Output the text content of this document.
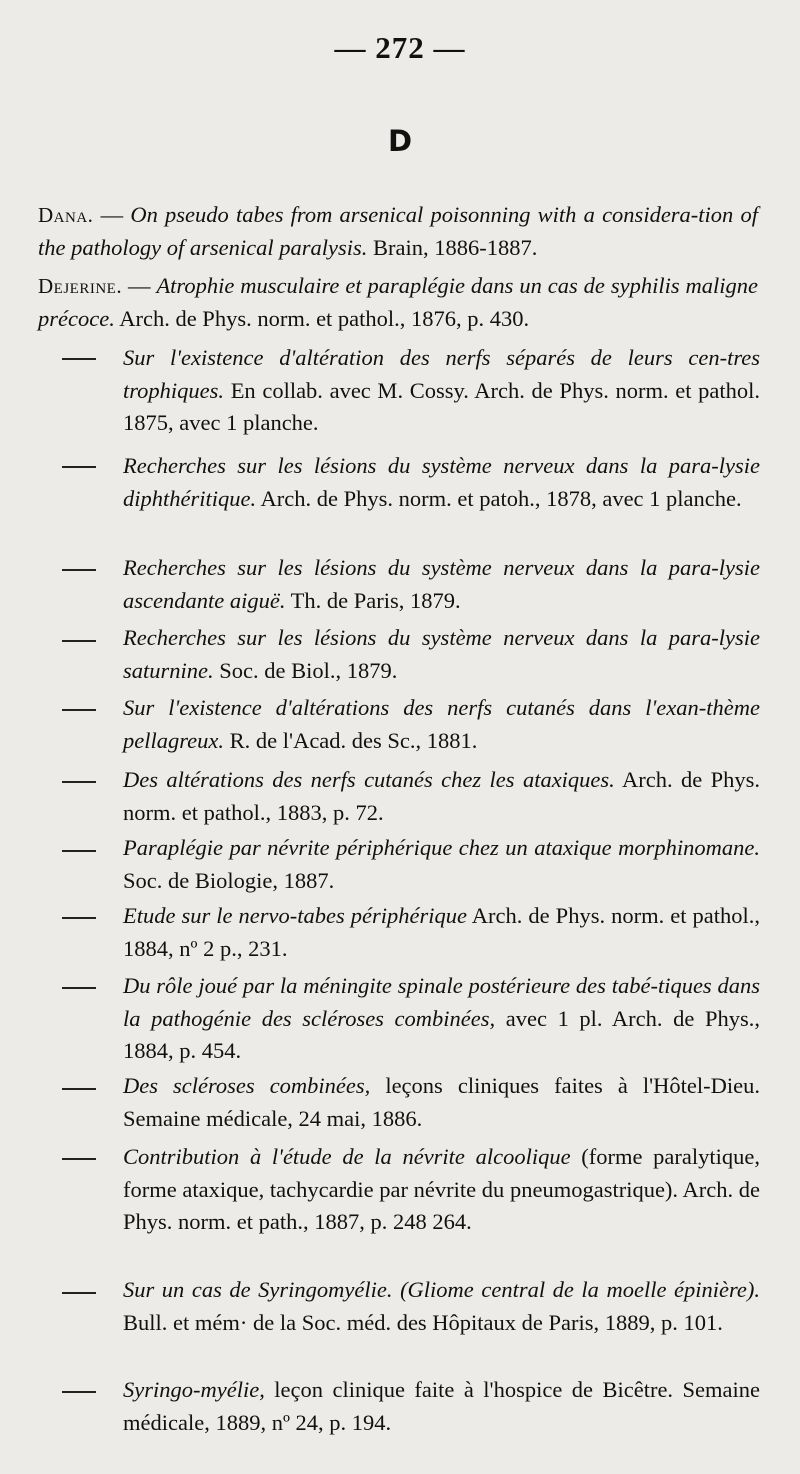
— 272 —
D
Dana. — On pseudo tabes from arsenical poisonning with a considera-tion of the pathology of arsenical paralysis. Brain, 1886-1887.
Dejerine. — Atrophie musculaire et paraplégie dans un cas de syphilis maligne précoce. Arch. de Phys. norm. et pathol., 1876, p. 430.
Sur l'existence d'altération des nerfs séparés de leurs cen-tres trophiques. En collab. avec M. Cossy. Arch. de Phys. norm. et pathol. 1875, avec 1 planche.
Recherches sur les lésions du système nerveux dans la para-lysie diphthéritique. Arch. de Phys. norm. et patoh., 1878, avec 1 planche.
Recherches sur les lésions du système nerveux dans la para-lysie ascendante aiguë. Th. de Paris, 1879.
Recherches sur les lésions du système nerveux dans la para-lysie saturnine. Soc. de Biol., 1879.
Sur l'existence d'altérations des nerfs cutanés dans l'exan-thème pellagreux. R. de l'Acad. des Sc., 1881.
Des altérations des nerfs cutanés chez les ataxiques. Arch. de Phys. norm. et pathol., 1883, p. 72.
Paraplégie par névrite périphérique chez un ataxique morphinomane. Soc. de Biologie, 1887.
Etude sur le nervo-tabes périphérique Arch. de Phys. norm. et pathol., 1884, nº 2 p., 231.
Du rôle joué par la méningite spinale postérieure des tabé-tiques dans la pathogénie des scléroses combinées, avec 1 pl. Arch. de Phys., 1884, p. 454.
Des scléroses combinées, leçons cliniques faites à l'Hôtel-Dieu. Semaine médicale, 24 mai, 1886.
Contribution à l'étude de la névrite alcoolique (forme paralytique, forme ataxique, tachycardie par névrite du pneumogastrique). Arch. de Phys. norm. et path., 1887, p. 248 264.
Sur un cas de Syringomyélie. (Gliome central de la moelle épinière). Bull. et mém· de la Soc. méd. des Hôpitaux de Paris, 1889, p. 101.
Syringo-myélie, leçon clinique faite à l'hospice de Bicêtre. Semaine médicale, 1889, nº 24, p. 194.
